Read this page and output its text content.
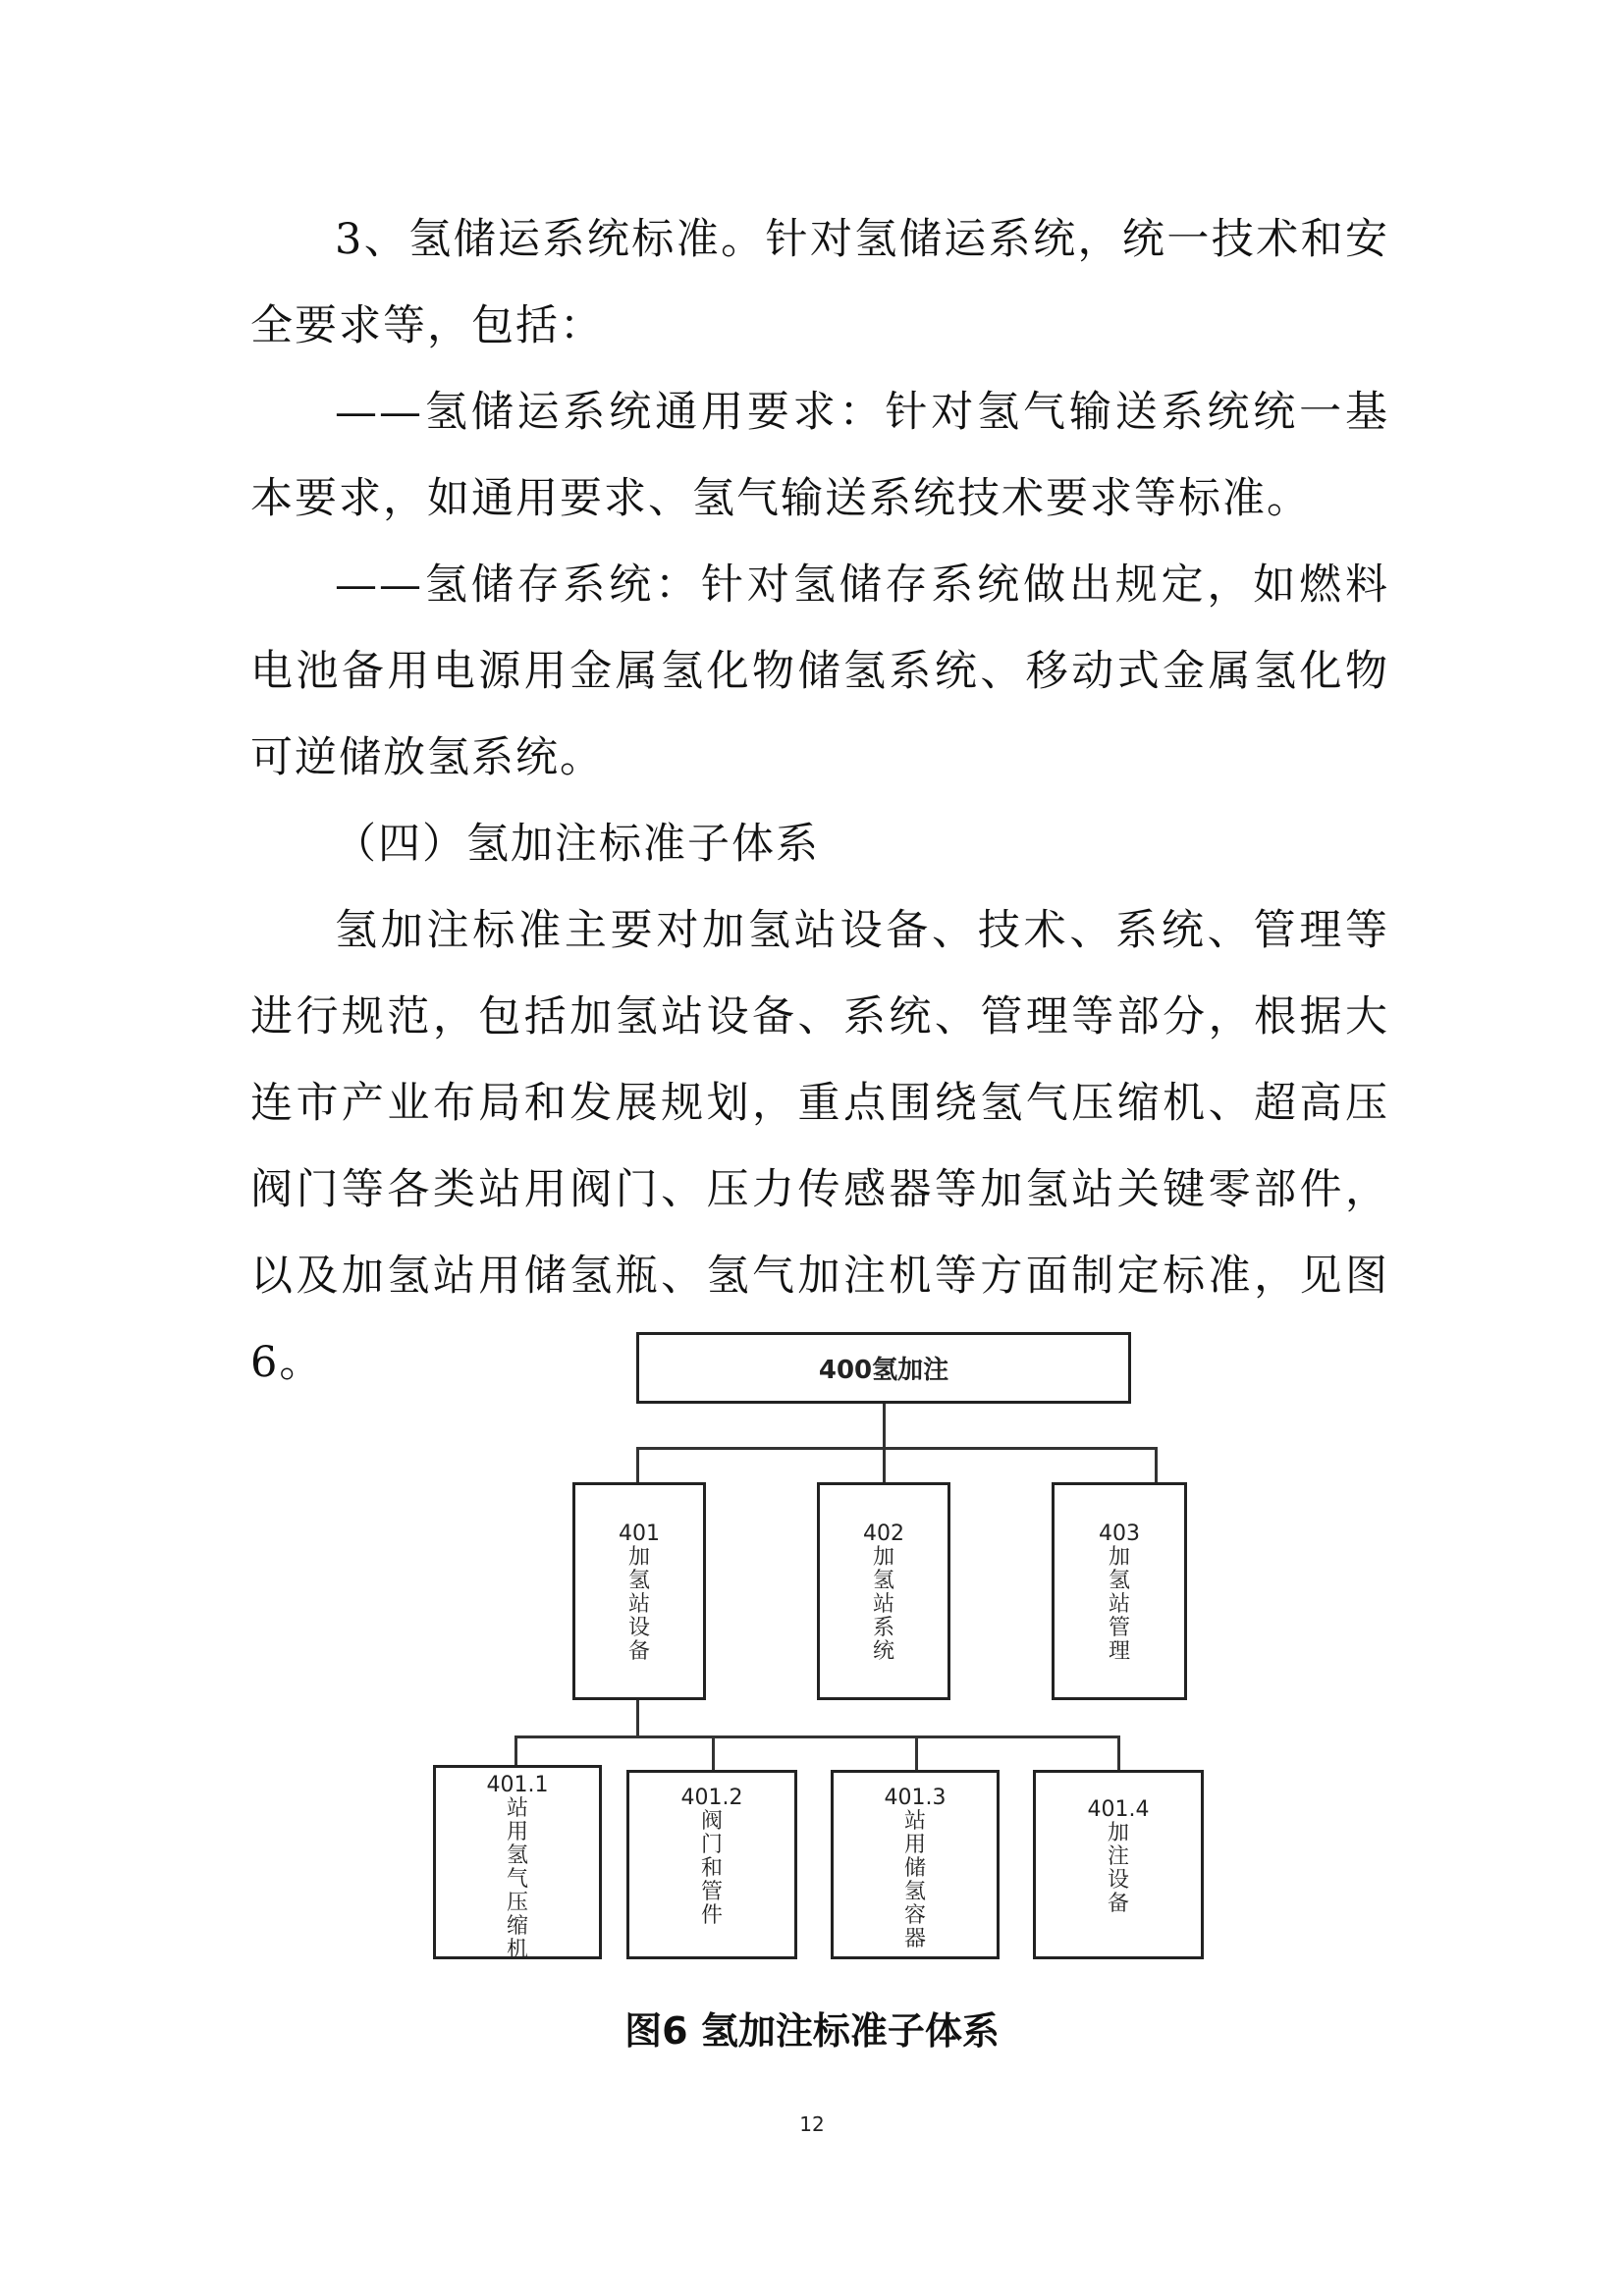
3、氢储运系统标准。针对氢储运系统，统一技术和安全要求等，包括：

——氢储运系统通用要求：针对氢气输送系统统一基本要求，如通用要求、氢气输送系统技术要求等标准。

——氢储存系统：针对氢储存系统做出规定，如燃料电池备用电源用金属氢化物储氢系统、移动式金属氢化物可逆储放氢系统。

（四）氢加注标准子体系

氢加注标准主要对加氢站设备、技术、系统、管理等进行规范，包括加氢站设备、系统、管理等部分，根据大连市产业布局和发展规划，重点围绕氢气压缩机、超高压阀门等各类站用阀门、压力传感器等加氢站关键零部件，以及加氢站用储氢瓶、氢气加注机等方面制定标准，见图6。	400氢加注
401
加氢站设备
402
加氢站系统
403
加氢站管理
401.1
站用氢气压缩机
401.2
阀门和管件
401.3
站用储氢容器
401.4
加注设备

图6 氢加注标准子体系

12
